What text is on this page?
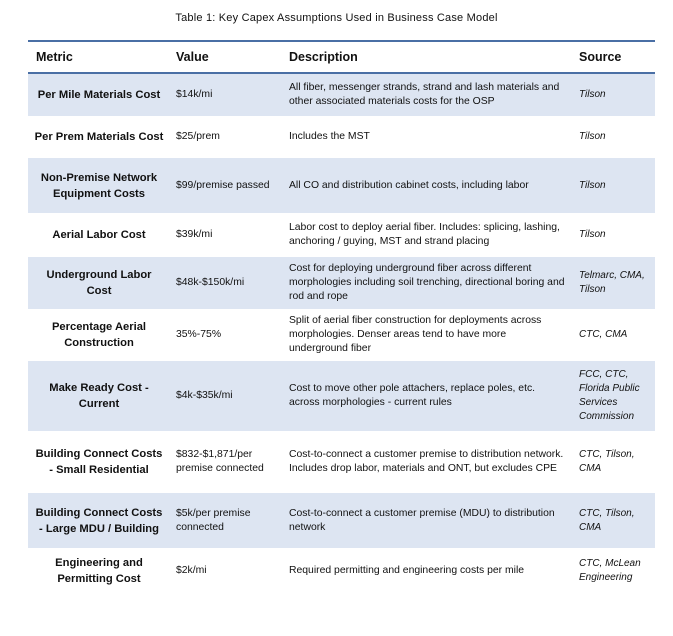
Table 1: Key Capex Assumptions Used in Business Case Model
Metric	Value	Description	Source
Per Mile Materials Cost	$14k/mi	All fiber, messenger strands, strand and lash materials and other associated materials costs for the OSP	Tilson
Per Prem Materials Cost	$25/prem	Includes the MST	Tilson
Non-Premise Network Equipment Costs	$99/premise passed	All CO and distribution cabinet costs, including labor	Tilson
Aerial Labor Cost	$39k/mi	Labor cost to deploy aerial fiber. Includes: splicing, lashing, anchoring / guying, MST and strand placing	Tilson
Underground Labor Cost	$48k-$150k/mi	Cost for deploying underground fiber across different morphologies including soil trenching, directional boring and rod and rope	Telmarc, CMA, Tilson
Percentage Aerial Construction	35%-75%	Split of aerial fiber construction for deployments across morphologies. Denser areas tend to have more underground fiber	CTC, CMA
Make Ready Cost - Current	$4k-$35k/mi	Cost to move other pole attachers, replace poles, etc. across morphologies - current rules	FCC, CTC, Florida Public Services Commission
Building Connect Costs - Small Residential	$832-$1,871/per premise connected	Cost-to-connect a customer premise to distribution network. Includes drop labor, materials and ONT, but excludes CPE	CTC, Tilson, CMA
Building Connect Costs - Large MDU / Building	$5k/per premise connected	Cost-to-connect a customer premise (MDU) to distribution network	CTC, Tilson, CMA
Engineering and Permitting Cost	$2k/mi	Required permitting and engineering costs per mile	CTC, McLean Engineering
